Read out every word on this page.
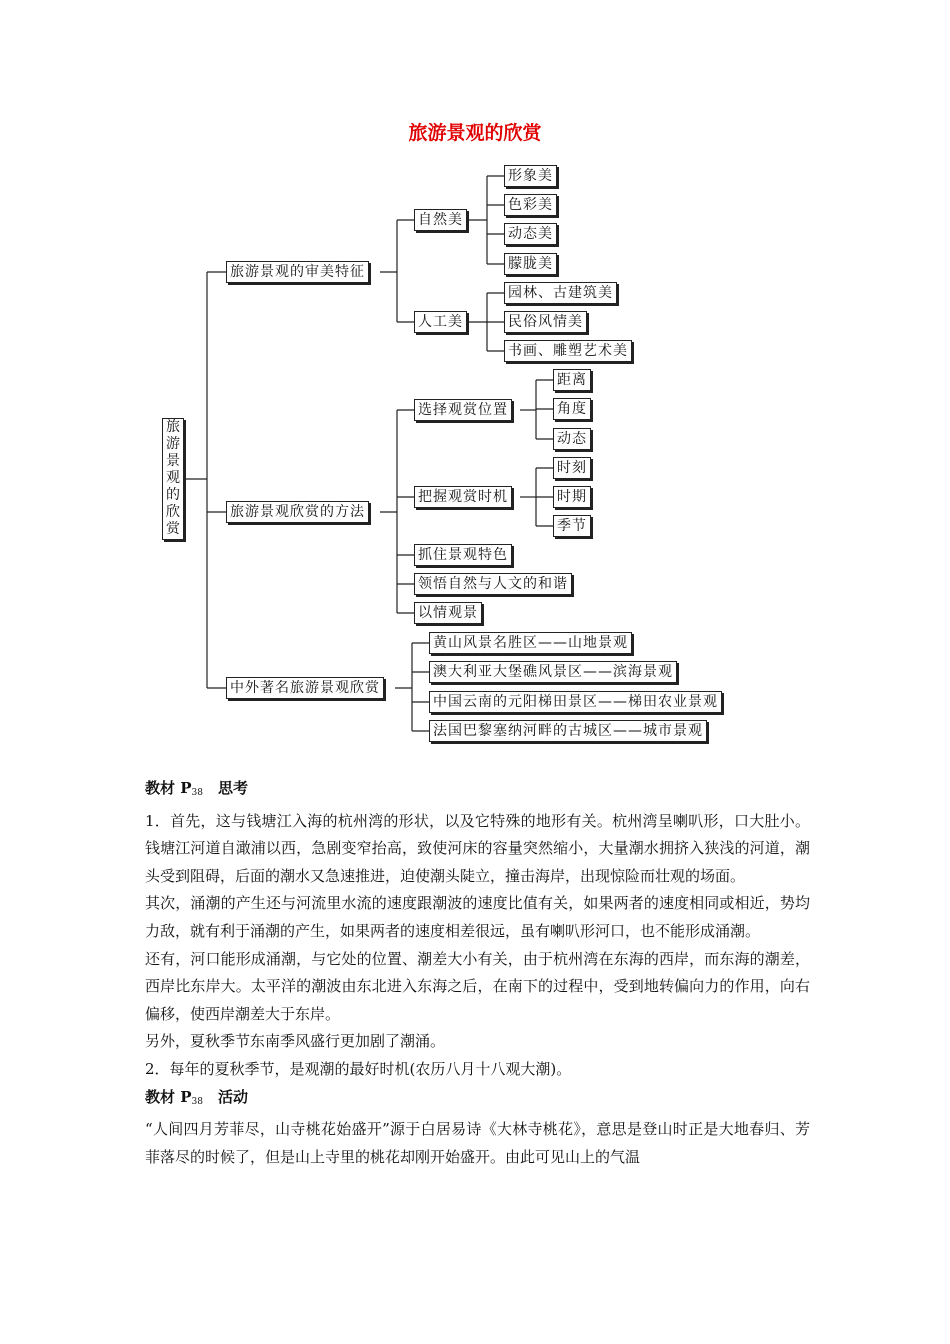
旅游景观的欣赏
旅
游
景
观
的
欣
赏
旅游景观的审美特征
旅游景观欣赏的方法
中外著名旅游景观欣赏
自然美
人工美
形象美
色彩美
动态美
朦胧美
园林、古建筑美
民俗风情美
书画、雕塑艺术美
选择观赏位置
把握观赏时机
抓住景观特色
领悟自然与人文的和谐
以情观景
距离
角度
动态
时刻
时期
季节
黄山风景名胜区——山地景观
澳大利亚大堡礁风景区——滨海景观
中国云南的元阳梯田景区——梯田农业景观
法国巴黎塞纳河畔的古城区——城市景观

教材 $P_{38}$　思考

1．首先，这与钱塘江入海的杭州湾的形状，以及它特殊的地形有关。杭州湾呈喇叭形，口大肚小。钱塘江河道自澉浦以西，急剧变窄抬高，致使河床的容量突然缩小，大量潮水拥挤入狭浅的河道，潮头受到阻碍，后面的潮水又急速推进，迫使潮头陡立，撞击海岸，出现惊险而壮观的场面。

其次，涌潮的产生还与河流里水流的速度跟潮波的速度比值有关，如果两者的速度相同或相近，势均力敌，就有利于涌潮的产生，如果两者的速度相差很远，虽有喇叭形河口，也不能形成涌潮。

还有，河口能形成涌潮，与它处的位置、潮差大小有关，由于杭州湾在东海的西岸，而东海的潮差，西岸比东岸大。太平洋的潮波由东北进入东海之后，在南下的过程中，受到地转偏向力的作用，向右偏移，使西岸潮差大于东岸。

另外，夏秋季节东南季风盛行更加剧了潮涌。

2．每年的夏秋季节，是观潮的最好时机(农历八月十八观大潮)。

教材 $P_{38}$　活动

“人间四月芳菲尽，山寺桃花始盛开”源于白居易诗《大林寺桃花》，意思是登山时正是大地春归、芳菲落尽的时候了，但是山上寺里的桃花却刚开始盛开。由此可见山上的气温
